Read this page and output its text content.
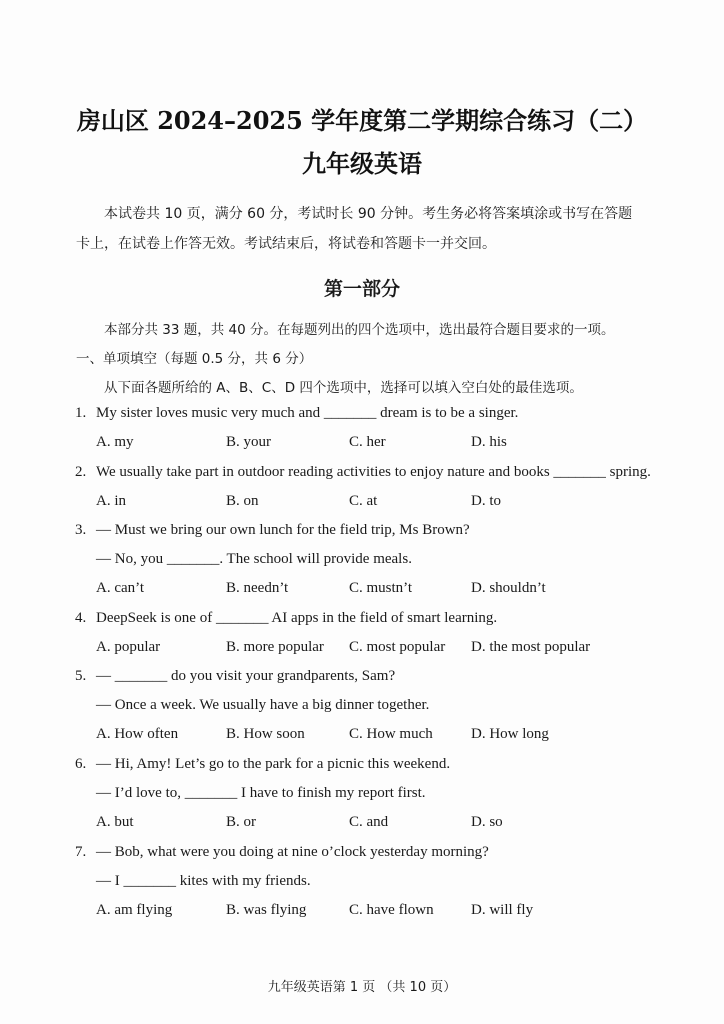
房山区 2024–2025 学年度第二学期综合练习（二）
九年级英语
本试卷共 10 页，满分 60 分，考试时长 90 分钟。考生务必将答案填涂或书写在答题
卡上，在试卷上作答无效。考试结束后，将试卷和答题卡一并交回。
第一部分
本部分共 33 题，共 40 分。在每题列出的四个选项中，选出最符合题目要求的一项。
一、单项填空（每题 0.5 分，共 6 分）
从下面各题所给的 A、B、C、D 四个选项中，选择可以填入空白处的最佳选项。
1. My sister loves music very much and _______ dream is to be a singer.
A. my	B. your	C. her	D. his
2. We usually take part in outdoor reading activities to enjoy nature and books _______ spring.
A. in	B. on	C. at	D. to
3. — Must we bring our own lunch for the field trip, Ms Brown?
— No, you _______. The school will provide meals.
A. can’t	B. needn’t	C. mustn’t	D. shouldn’t
4. DeepSeek is one of _______ AI apps in the field of smart learning.
A. popular	B. more popular C. most popular D. the most popular
5. — _______ do you visit your grandparents, Sam?
— Once a week. We usually have a big dinner together.
A. How often	B. How soon	C. How much	D. How long
6. — Hi, Amy! Let’s go to the park for a picnic this weekend.
— I’d love to, _______ I have to finish my report first.
A. but	B. or	C. and	D. so
7. — Bob, what were you doing at nine o’clock yesterday morning?
— I _______ kites with my friends.
A. am flying	B. was flying	C. have flown D. will fly
九年级英语第 1 页 （共 10 页）
